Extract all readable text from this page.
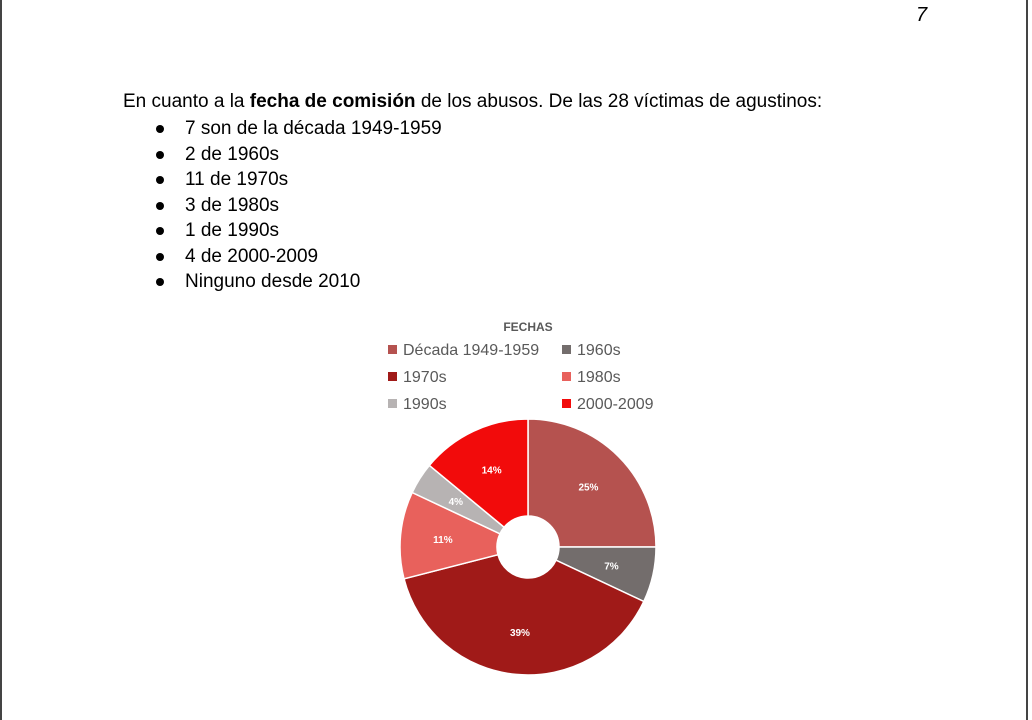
7
En cuanto a la fecha de comisión de los abusos. De las 28 víctimas de agustinos:
7 son de la década 1949-1959
2 de 1960s
11 de 1970s
3 de 1980s
1 de 1990s
4 de 2000-2009
Ninguno desde 2010
FECHAS
Década 1949-1959	1960s
1970s	1980s
1990s	2000-2009
25%
7%
39%
11%
4%
14%
